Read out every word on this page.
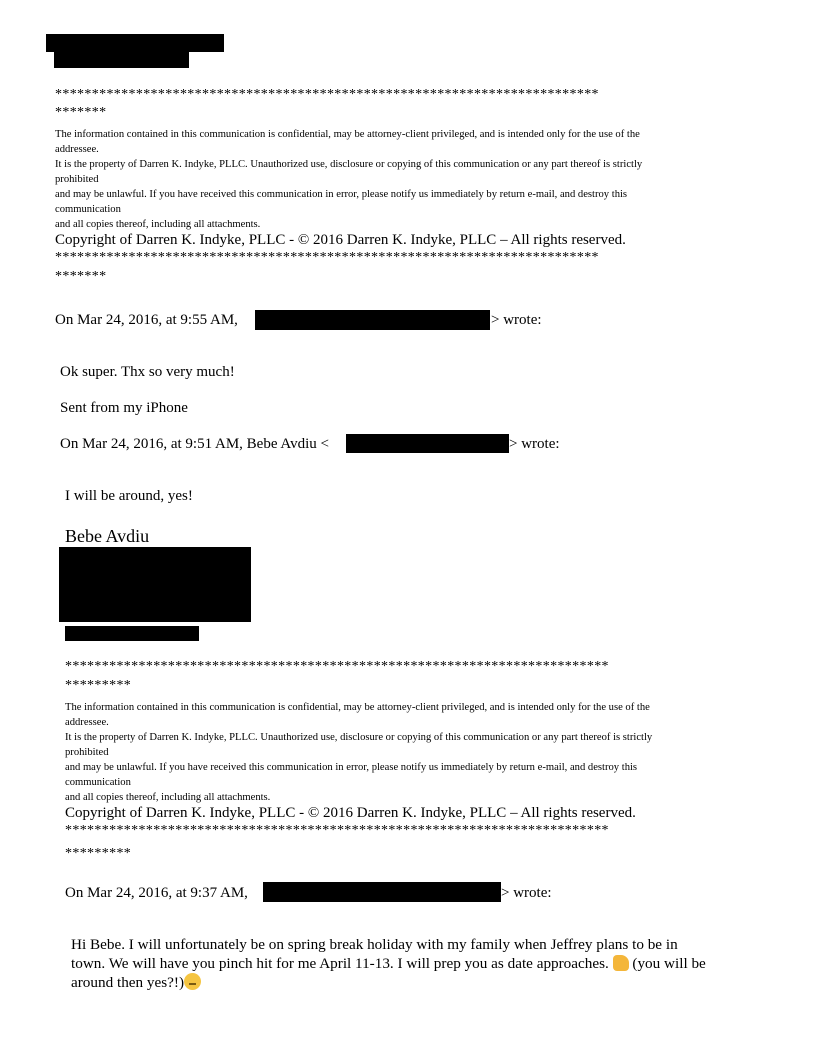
**************************************************************************
*******
The information contained in this communication is confidential, may be attorney-client privileged, and is intended only for the use of the
addressee.
It is the property of Darren K. Indyke, PLLC. Unauthorized use, disclosure or copying of this communication or any part thereof is strictly
prohibited
and may be unlawful. If you have received this communication in error, please notify us immediately by return e-mail, and destroy this
communication
and all copies thereof, including all attachments.
Copyright of Darren K. Indyke, PLLC - © 2016 Darren K. Indyke, PLLC – All rights reserved.
**************************************************************************
*******
On Mar 24, 2016, at 9:55 AM,	> wrote:
Ok super. Thx so very much!
Sent from my iPhone
On Mar 24, 2016, at 9:51 AM, Bebe Avdiu <	> wrote:
I will be around, yes!
Bebe Avdiu
**************************************************************************
*********
The information contained in this communication is confidential, may be attorney-client privileged, and is intended only for the use of the
addressee.
It is the property of Darren K. Indyke, PLLC. Unauthorized use, disclosure or copying of this communication or any part thereof is strictly
prohibited
and may be unlawful. If you have received this communication in error, please notify us immediately by return e-mail, and destroy this
communication
and all copies thereof, including all attachments.
Copyright of Darren K. Indyke, PLLC - © 2016 Darren K. Indyke, PLLC – All rights reserved.
**************************************************************************
*********
On Mar 24, 2016, at 9:37 AM,	> wrote:
Hi Bebe. I will unfortunately be on spring break holiday with my family when Jeffrey plans to be in
town. We will have you pinch hit for me April 11-13. I will prep you as date approaches.  (you will be
around then yes?!)
